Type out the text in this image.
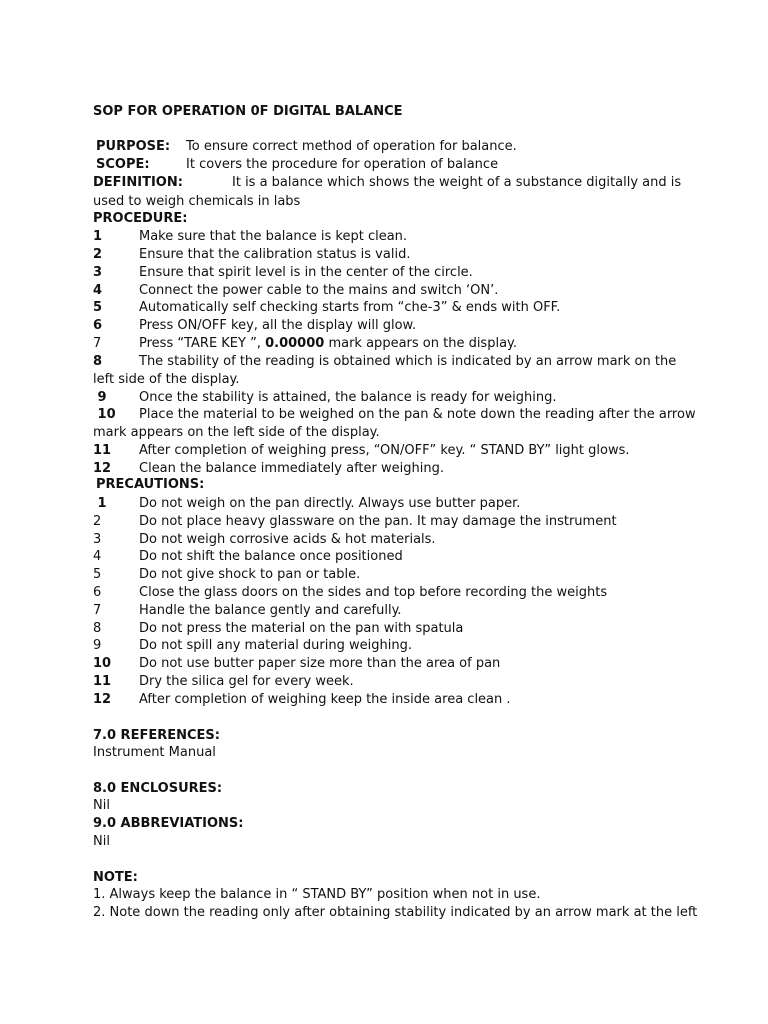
SOP FOR OPERATION 0F DIGITAL BALANCE
PURPOSE: To ensure correct method of operation for balance.
SCOPE:	It covers the procedure for operation of balance
DEFINITION:	It is a balance which shows the weight of a substance digitally and is
used to weigh chemicals in labs
PROCEDURE:
1	Make sure that the balance is kept clean.
2	Ensure that the calibration status is valid.
3	Ensure that spirit level is in the center of the circle.
4	Connect the power cable to the mains and switch ‘ON’.
5	Automatically self checking starts from “che-3” & ends with OFF.
6	Press ON/OFF key, all the display will glow.
7	Press “TARE KEY ”, 0.00000 mark appears on the display.
8	The stability of the reading is obtained which is indicated by an arrow mark on the
left side of the display.
9 Once the stability is attained, the balance is ready for weighing.
10 Place the material to be weighed on the pan & note down the reading after the arrow
mark appears on the left side of the display.
11 After completion of weighing press, “ON/OFF” key. “ STAND BY” light glows.
12 Clean the balance immediately after weighing.
PRECAUTIONS:
1 Do not weigh on the pan directly. Always use butter paper.
2	Do not place heavy glassware on the pan. It may damage the instrument
3	Do not weigh corrosive acids & hot materials.
4	Do not shift the balance once positioned
5	Do not give shock to pan or table.
6	Close the glass doors on the sides and top before recording the weights
7	Handle the balance gently and carefully.
8	Do not press the material on the pan with spatula
9	Do not spill any material during weighing.
10 Do not use butter paper size more than the area of pan
11 Dry the silica gel for every week.
12 After completion of weighing keep the inside area clean .
7.0 REFERENCES:
Instrument Manual
8.0 ENCLOSURES:
Nil
9.0 ABBREVIATIONS:
Nil
NOTE:
1. Always keep the balance in “ STAND BY” position when not in use.
2. Note down the reading only after obtaining stability indicated by an arrow mark at the left
